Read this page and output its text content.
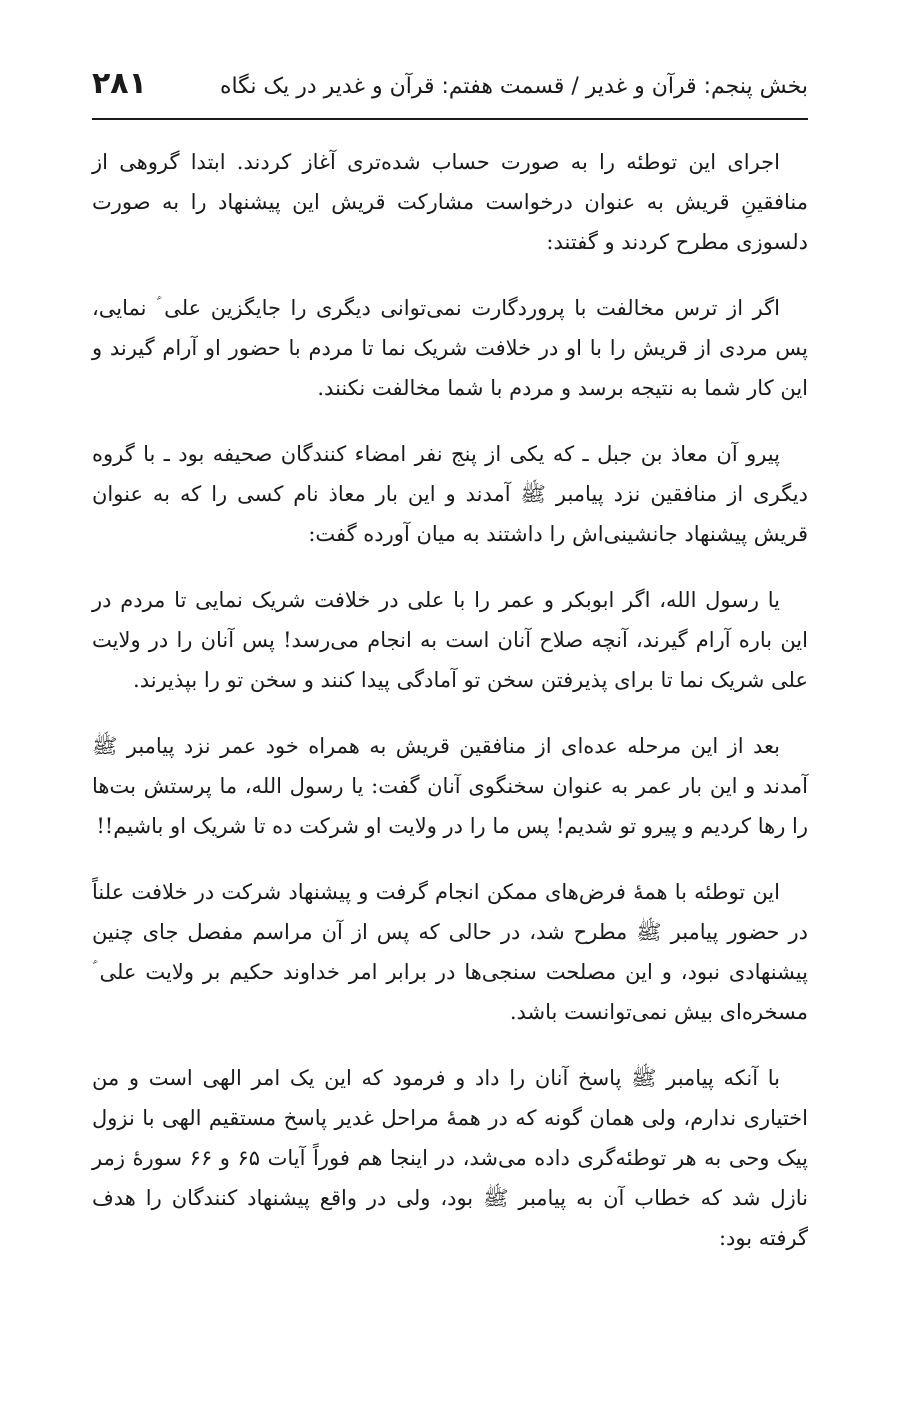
بخش پنجم: قرآن و غدیر / قسمت هفتم: قرآن و غدیر در یک نگاه
۲۸۱

اجرای این توطئه را به صورت حساب شده‌تری آغاز کردند. ابتدا گروهی از منافقینِ قریش به عنوان درخواست مشارکت قریش این پیشنهاد را به صورت دلسوزی مطرح کردند و گفتند:

اگر از ترس مخالفت با پروردگارت نمی‌توانی دیگری را جایگزین علی ؑ نمایی، پس مردی از قریش را با او در خلافت شریک نما تا مردم با حضور او آرام گیرند و این کار شما به نتیجه برسد و مردم با شما مخالفت نکنند.

پیرو آن معاذ بن جبل ـ که یکی از پنج نفر امضاء کنندگان صحیفه بود ـ با گروه دیگری از منافقین نزد پیامبر ﷺ آمدند و این بار معاذ نام کسی را که به عنوان قریش پیشنهاد جانشینی‌اش را داشتند به میان آورده گفت:

یا رسول الله، اگر ابوبکر و عمر را با علی در خلافت شریک نمایی تا مردم در این باره آرام گیرند، آنچه صلاح آنان است به انجام می‌رسد! پس آنان را در ولایت علی شریک نما تا برای پذیرفتن سخن تو آمادگی پیدا کنند و سخن تو را بپذیرند.

بعد از این مرحله عده‌ای از منافقین قریش به همراه خود عمر نزد پیامبر ﷺ آمدند و این بار عمر به عنوان سخنگوی آنان گفت: یا رسول الله، ما پرستش بت‌ها را رها کردیم و پیرو تو شدیم! پس ما را در ولایت او شرکت ده تا شریک او باشیم!!

این توطئه با همهٔ فرض‌های ممکن انجام گرفت و پیشنهاد شرکت در خلافت علناً در حضور پیامبر ﷺ مطرح شد، در حالی که پس از آن مراسم مفصل جای چنین پیشنهادی نبود، و این مصلحت سنجی‌ها در برابر امر خداوند حکیم بر ولایت علی ؑ مسخره‌ای بیش نمی‌توانست باشد.

با آنکه پیامبر ﷺ پاسخ آنان را داد و فرمود که این یک امر الهی است و من اختیاری ندارم، ولی همان گونه که در همهٔ مراحل غدیر پاسخ مستقیم الهی با نزول پیک وحی به هر توطئه‌گری داده می‌شد، در اینجا هم فوراً آیات ۶۵ و ۶۶ سورهٔ زمر نازل شد که خطاب آن به پیامبر ﷺ بود، ولی در واقع پیشنهاد کنندگان را هدف گرفته بود:
